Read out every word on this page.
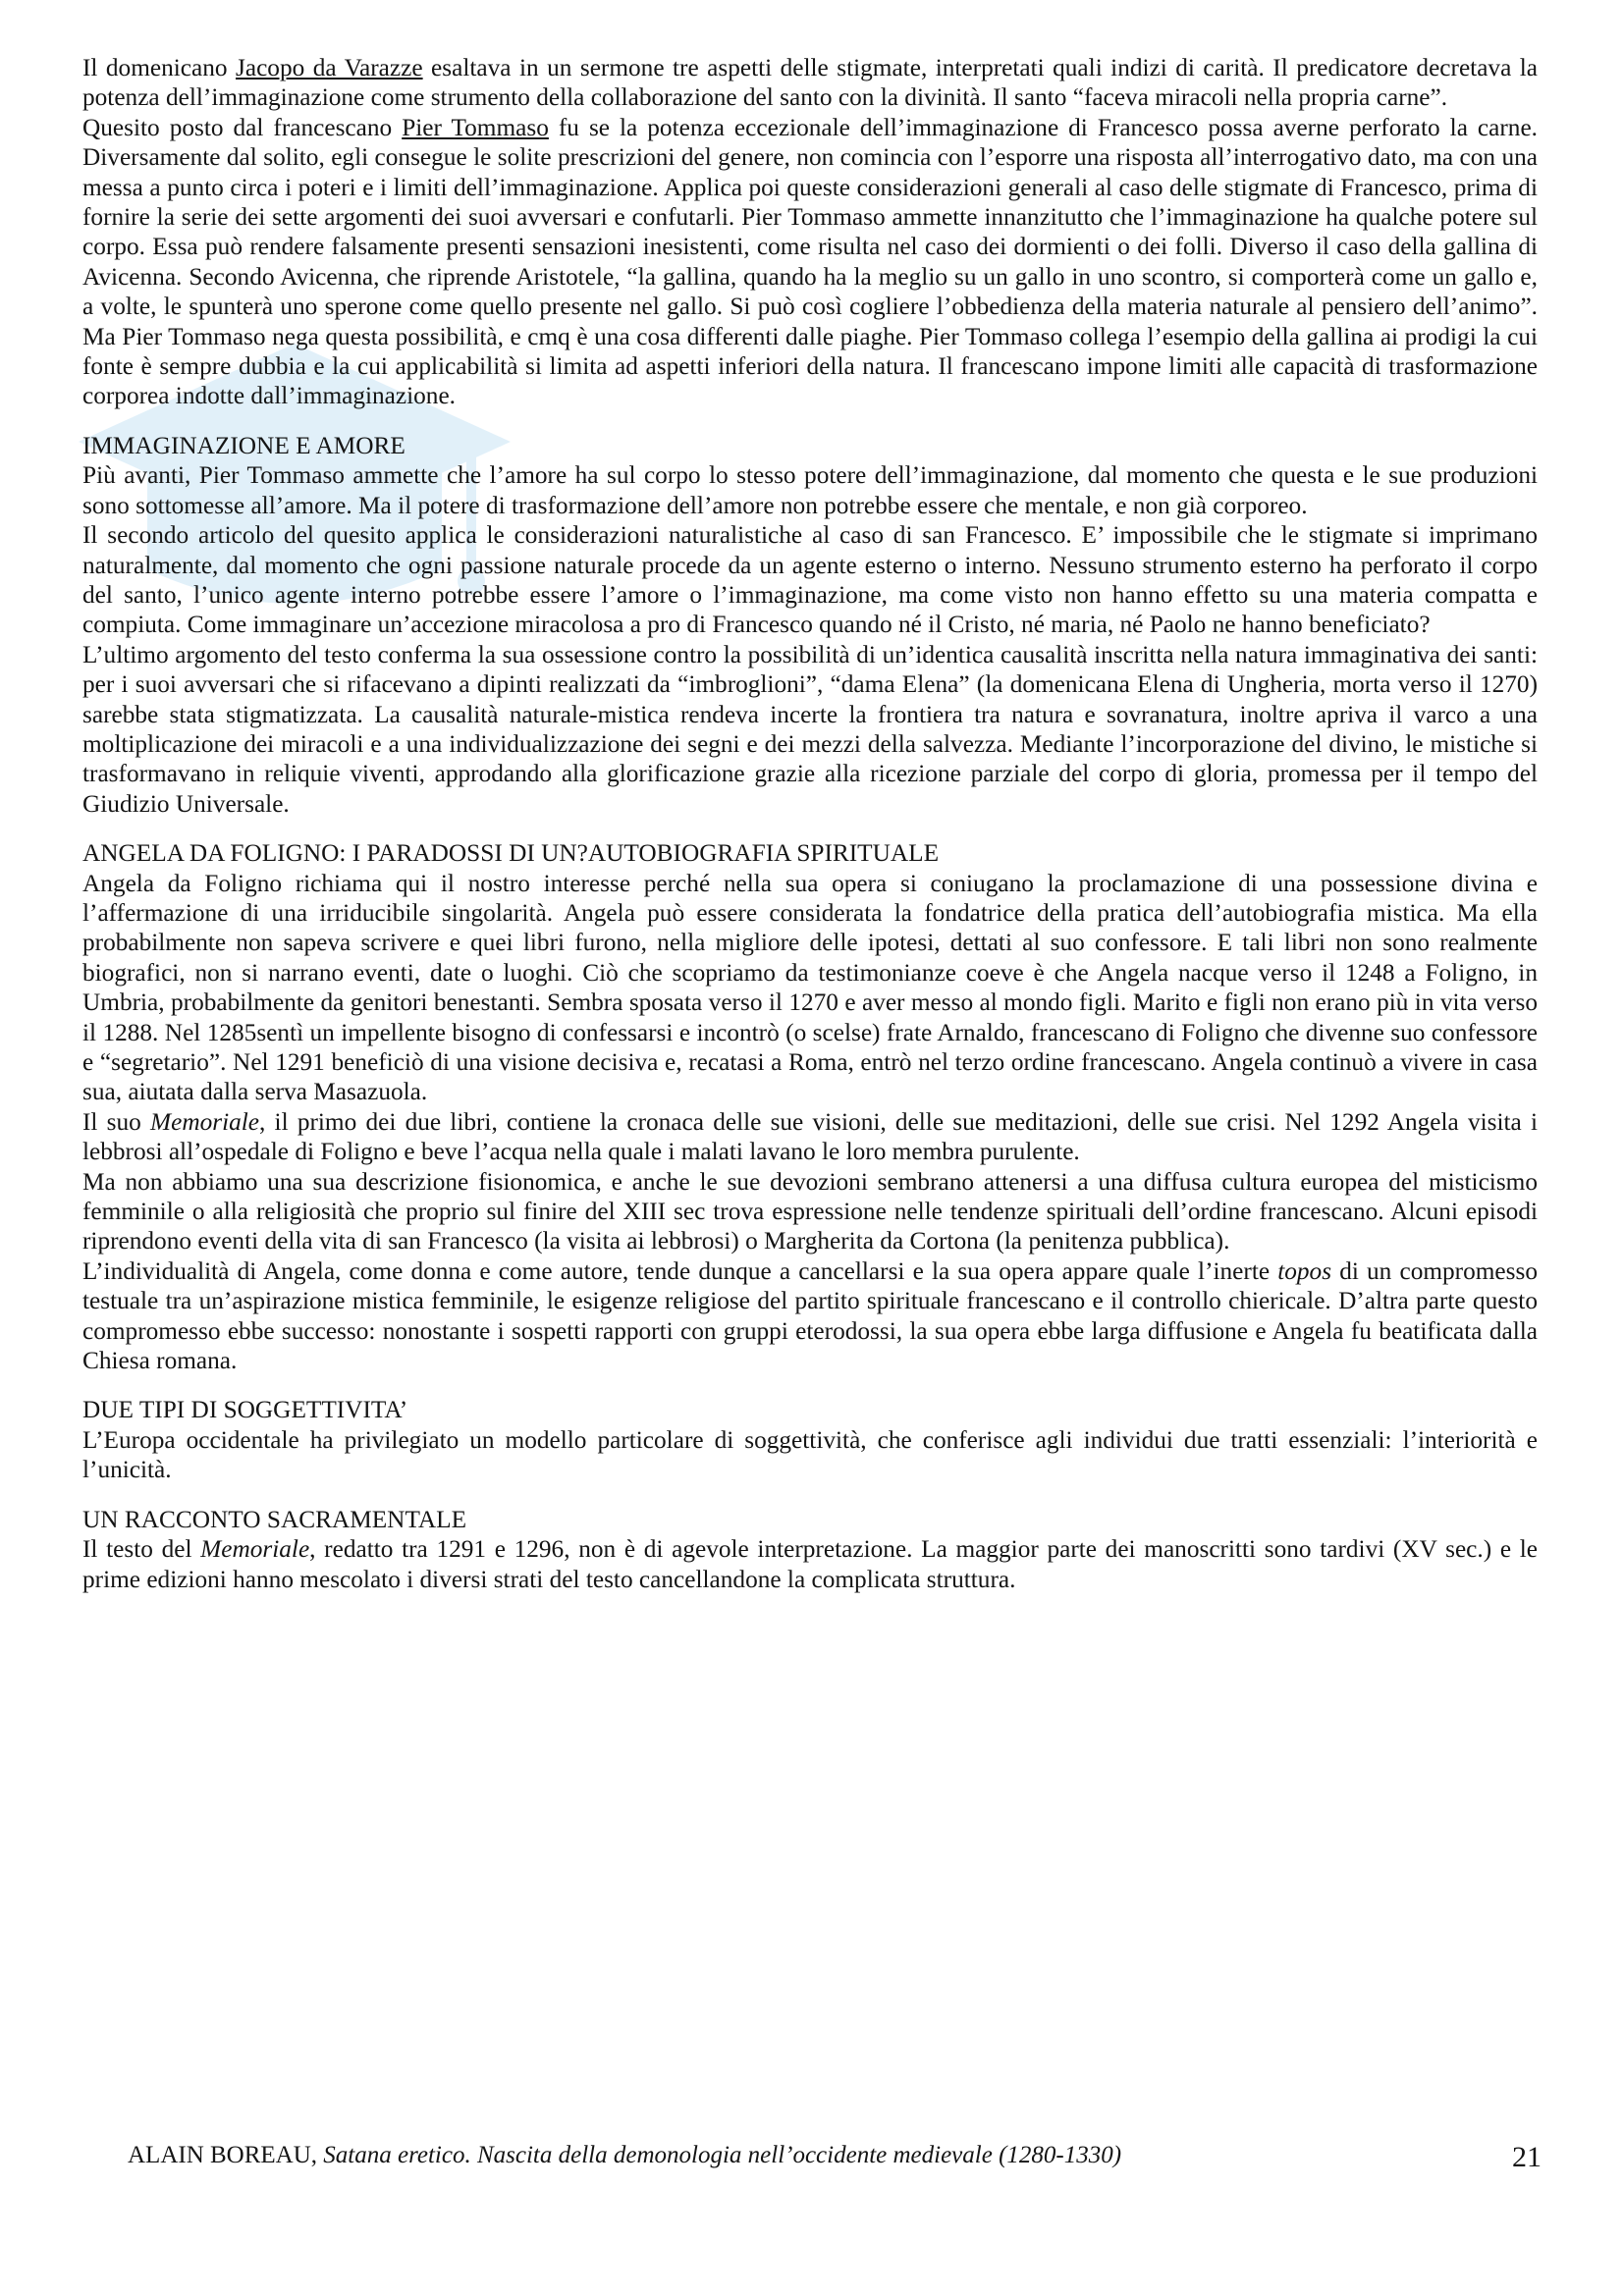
Il domenicano Jacopo da Varazze esaltava in un sermone tre aspetti delle stigmate, interpretati quali indizi di carità. Il predicatore decretava la potenza dell’immaginazione come strumento della collaborazione del santo con la divinità. Il santo “faceva miracoli nella propria carne”.

Quesito posto dal francescano Pier Tommaso fu se la potenza eccezionale dell’immaginazione di Francesco possa averne perforato la carne. Diversamente dal solito, egli consegue le solite prescrizioni del genere, non comincia con l’esporre una risposta all’interrogativo dato, ma con una messa a punto circa i poteri e i limiti dell’immaginazione. Applica poi queste considerazioni generali al caso delle stigmate di Francesco, prima di fornire la serie dei sette argomenti dei suoi avversari e confutarli. Pier Tommaso ammette innanzitutto che l’immaginazione ha qualche potere sul corpo. Essa può rendere falsamente presenti sensazioni inesistenti, come risulta nel caso dei dormienti o dei folli. Diverso il caso della gallina di Avicenna. Secondo Avicenna, che riprende Aristotele, “la gallina, quando ha la meglio su un gallo in uno scontro, si comporterà come un gallo e, a volte, le spunterà uno sperone come quello presente nel gallo. Si può così cogliere l’obbedienza della materia naturale al pensiero dell’animo”. Ma Pier Tommaso nega questa possibilità, e cmq è una cosa differenti dalle piaghe. Pier Tommaso collega l’esempio della gallina ai prodigi la cui fonte è sempre dubbia e la cui applicabilità si limita ad aspetti inferiori della natura. Il francescano impone limiti alle capacità di trasformazione corporea indotte dall’immaginazione.

IMMAGINAZIONE E AMORE

Più avanti, Pier Tommaso ammette che l’amore ha sul corpo lo stesso potere dell’immaginazione, dal momento che questa e le sue produzioni sono sottomesse all’amore. Ma il potere di trasformazione dell’amore non potrebbe essere che mentale, e non già corporeo.

Il secondo articolo del quesito applica le considerazioni naturalistiche al caso di san Francesco. E’ impossibile che le stigmate si imprimano naturalmente, dal momento che ogni passione naturale procede da un agente esterno o interno. Nessuno strumento esterno ha perforato il corpo del santo, l’unico agente interno potrebbe essere l’amore o l’immaginazione, ma come visto non hanno effetto su una materia compatta e compiuta. Come immaginare un’accezione miracolosa a pro di Francesco quando né il Cristo, né maria, né Paolo ne hanno beneficiato?

L’ultimo argomento del testo conferma la sua ossessione contro la possibilità di un’identica causalità inscritta nella natura immaginativa dei santi: per i suoi avversari che si rifacevano a dipinti realizzati da “imbroglioni”, “dama Elena” (la domenicana Elena di Ungheria, morta verso il 1270) sarebbe stata stigmatizzata. La causalità naturale-mistica rendeva incerte la frontiera tra natura e sovranatura, inoltre apriva il varco a una moltiplicazione dei miracoli e a una individualizzazione dei segni e dei mezzi della salvezza. Mediante l’incorporazione del divino, le mistiche si trasformavano in reliquie viventi, approdando alla glorificazione grazie alla ricezione parziale del corpo di gloria, promessa per il tempo del Giudizio Universale.

ANGELA DA FOLIGNO: I PARADOSSI DI UN?AUTOBIOGRAFIA SPIRITUALE

Angela da Foligno richiama qui il nostro interesse perché nella sua opera si coniugano la proclamazione di una possessione divina e l’affermazione di una irriducibile singolarità. Angela può essere considerata la fondatrice della pratica dell’autobiografia mistica. Ma ella probabilmente non sapeva scrivere e quei libri furono, nella migliore delle ipotesi, dettati al suo confessore. E tali libri non sono realmente biografici, non si narrano eventi, date o luoghi. Ciò che scopriamo da testimonianze coeve è che Angela nacque verso il 1248 a Foligno, in Umbria, probabilmente da genitori benestanti. Sembra sposata verso il 1270 e aver messo al mondo figli. Marito e figli non erano più in vita verso il 1288. Nel 1285sentì un impellente bisogno di confessarsi e incontrò (o scelse) frate Arnaldo, francescano di Foligno che divenne suo confessore e “segretario”. Nel 1291 beneficiò di una visione decisiva e, recatasi a Roma, entrò nel terzo ordine francescano. Angela continuò a vivere in casa sua, aiutata dalla serva Masazuola.

Il suo Memoriale, il primo dei due libri, contiene la cronaca delle sue visioni, delle sue meditazioni, delle sue crisi. Nel 1292 Angela visita i lebbrosi all’ospedale di Foligno e beve l’acqua nella quale i malati lavano le loro membra purulente.

Ma non abbiamo una sua descrizione fisionomica, e anche le sue devozioni sembrano attenersi a una diffusa cultura europea del misticismo femminile o alla religiosità che proprio sul finire del XIII sec trova espressione nelle tendenze spirituali dell’ordine francescano. Alcuni episodi riprendono eventi della vita di san Francesco (la visita ai lebbrosi) o Margherita da Cortona (la penitenza pubblica).

L’individualità di Angela, come donna e come autore, tende dunque a cancellarsi e la sua opera appare quale l’inerte topos di un compromesso testuale tra un’aspirazione mistica femminile, le esigenze religiose del partito spirituale francescano e il controllo chiericale. D’altra parte questo compromesso ebbe successo: nonostante i sospetti rapporti con gruppi eterodossi, la sua opera ebbe larga diffusione e Angela fu beatificata dalla Chiesa romana.

DUE TIPI DI SOGGETTIVITA’

L’Europa occidentale ha privilegiato un modello particolare di soggettività, che conferisce agli individui due tratti essenziali: l’interiorità e l’unicità.

UN RACCONTO SACRAMENTALE

Il testo del Memoriale, redatto tra 1291 e 1296, non è di agevole interpretazione. La maggior parte dei manoscritti sono tardivi (XV sec.) e le prime edizioni hanno mescolato i diversi strati del testo cancellandone la complicata struttura.

ALAIN BOREAU, Satana eretico. Nascita della demonologia nell’occidente medievale (1280-1330)	21
